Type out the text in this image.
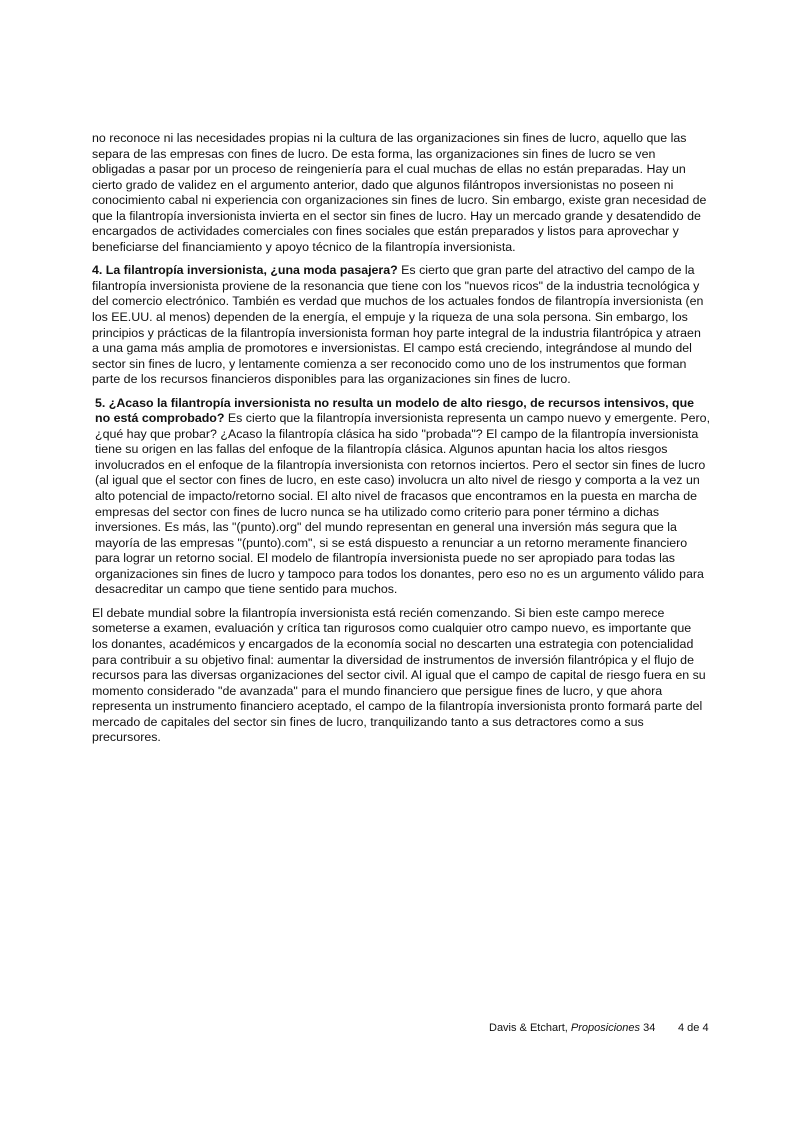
no reconoce ni las necesidades propias ni la cultura de las organizaciones sin fines de lucro, aquello que las separa de las empresas con fines de lucro. De esta forma, las organizaciones sin fines de lucro se ven obligadas a pasar por un proceso de reingeniería para el cual muchas de ellas no están preparadas. Hay un cierto grado de validez en el argumento anterior, dado que algunos filántropos inversionistas no poseen ni conocimiento cabal ni experiencia con organizaciones sin fines de lucro. Sin embargo, existe gran necesidad de que la filantropía inversionista invierta en el sector sin fines de lucro. Hay un mercado grande y desatendido de encargados de actividades comerciales con fines sociales que están preparados y listos para aprovechar y beneficiarse del financiamiento y apoyo técnico de la filantropía inversionista.

4. La filantropía inversionista, ¿una moda pasajera? Es cierto que gran parte del atractivo del campo de la filantropía inversionista proviene de la resonancia que tiene con los "nuevos ricos" de la industria tecnológica y del comercio electrónico. También es verdad que muchos de los actuales fondos de filantropía inversionista (en los EE.UU. al menos) dependen de la energía, el empuje y la riqueza de una sola persona. Sin embargo, los principios y prácticas de la filantropía inversionista forman hoy parte integral de la industria filantrópica y atraen a una gama más amplia de promotores e inversionistas. El campo está creciendo, integrándose al mundo del sector sin fines de lucro, y lentamente comienza a ser reconocido como uno de los instrumentos que forman parte de los recursos financieros disponibles para las organizaciones sin fines de lucro.

5. ¿Acaso la filantropía inversionista no resulta un modelo de alto riesgo, de recursos intensivos, que no está comprobado? Es cierto que la filantropía inversionista representa un campo nuevo y emergente. Pero, ¿qué hay que probar? ¿Acaso la filantropía clásica ha sido "probada"? El campo de la filantropía inversionista tiene su origen en las fallas del enfoque de la filantropía clásica. Algunos apuntan hacia los altos riesgos involucrados en el enfoque de la filantropía inversionista con retornos inciertos. Pero el sector sin fines de lucro (al igual que el sector con fines de lucro, en este caso) involucra un alto nivel de riesgo y comporta a la vez un alto potencial de impacto/retorno social. El alto nivel de fracasos que encontramos en la puesta en marcha de empresas del sector con fines de lucro nunca se ha utilizado como criterio para poner término a dichas inversiones. Es más, las "(punto).org" del mundo representan en general una inversión más segura que la mayoría de las empresas "(punto).com", si se está dispuesto a renunciar a un retorno meramente financiero para lograr un retorno social. El modelo de filantropía inversionista puede no ser apropiado para todas las organizaciones sin fines de lucro y tampoco para todos los donantes, pero eso no es un argumento válido para desacreditar un campo que tiene sentido para muchos.

El debate mundial sobre la filantropía inversionista está recién comenzando. Si bien este campo merece someterse a examen, evaluación y crítica tan rigurosos como cualquier otro campo nuevo, es importante que los donantes, académicos y encargados de la economía social no descarten una estrategia con potencialidad para contribuir a su objetivo final: aumentar la diversidad de instrumentos de inversión filantrópica y el flujo de recursos para las diversas organizaciones del sector civil. Al igual que el campo de capital de riesgo fuera en su momento considerado "de avanzada" para el mundo financiero que persigue fines de lucro, y que ahora representa un instrumento financiero aceptado, el campo de la filantropía inversionista pronto formará parte del mercado de capitales del sector sin fines de lucro, tranquilizando tanto a sus detractores como a sus precursores.

Davis & Etchart, Proposiciones 34 4 de 4
